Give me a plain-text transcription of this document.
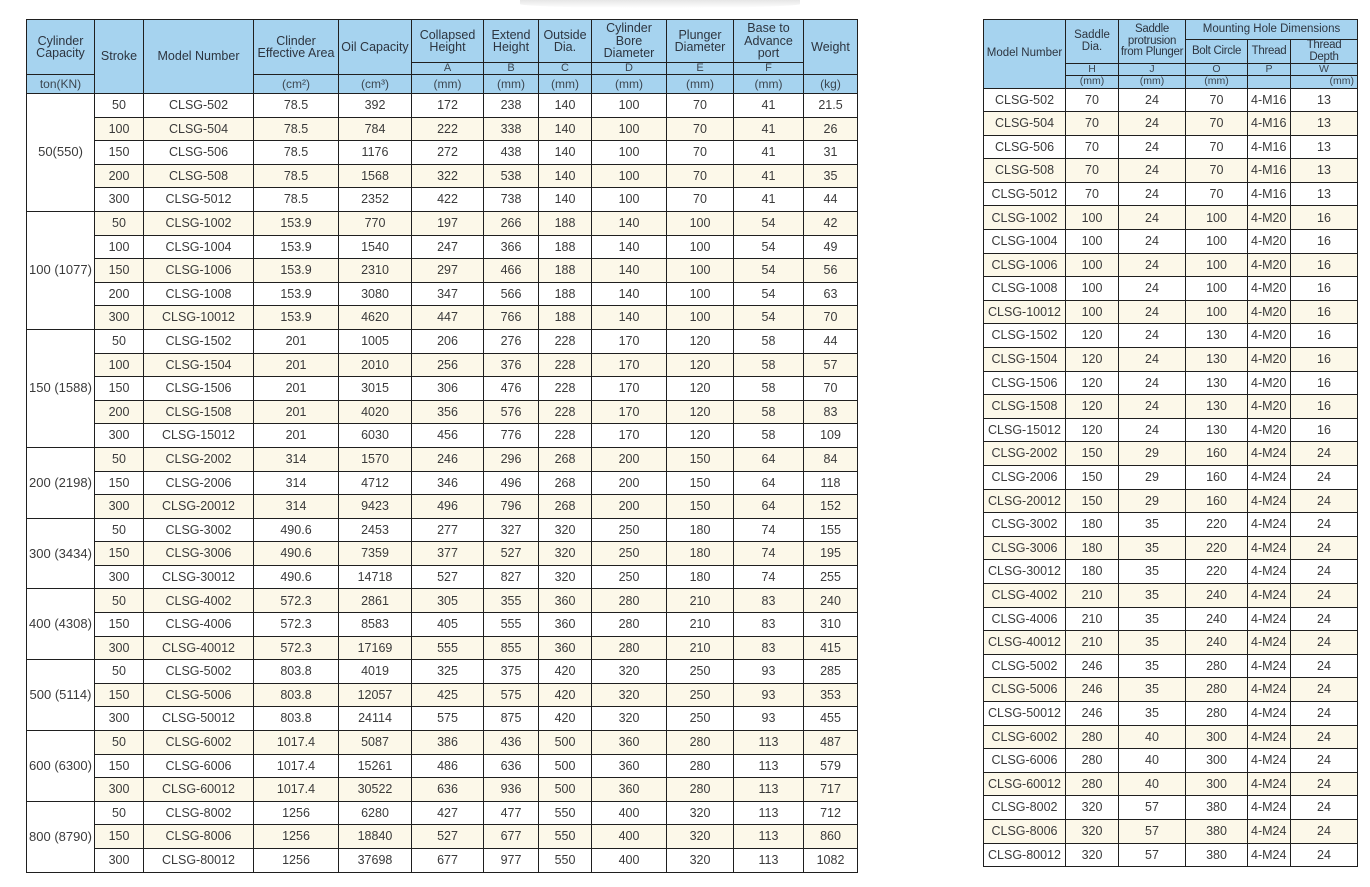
Cylinder Capacity	Stroke	Model Number	Clinder Effective Area	Oil Capacity	Collapsed Height	Extend Height	Outside Dia.	Cylinder Bore Diameter	Plunger Diameter	Base to Advance port	Weight
					A	B	C	D	E	F	
ton(KN)			(cm²)	(cm³)	(mm)	(mm)	(mm)	(mm)	(mm)	(mm)	(kg)
50(550)	50	CLSG-502	78.5	392	172	238	140	100	70	41	21.5
	100	CLSG-504	78.5	784	222	338	140	100	70	41	26
	150	CLSG-506	78.5	1176	272	438	140	100	70	41	31
	200	CLSG-508	78.5	1568	322	538	140	100	70	41	35
	300	CLSG-5012	78.5	2352	422	738	140	100	70	41	44
100 (1077)	50	CLSG-1002	153.9	770	197	266	188	140	100	54	42
	100	CLSG-1004	153.9	1540	247	366	188	140	100	54	49
	150	CLSG-1006	153.9	2310	297	466	188	140	100	54	56
	200	CLSG-1008	153.9	3080	347	566	188	140	100	54	63
	300	CLSG-10012	153.9	4620	447	766	188	140	100	54	70
150 (1588)	50	CLSG-1502	201	1005	206	276	228	170	120	58	44
	100	CLSG-1504	201	2010	256	376	228	170	120	58	57
	150	CLSG-1506	201	3015	306	476	228	170	120	58	70
	200	CLSG-1508	201	4020	356	576	228	170	120	58	83
	300	CLSG-15012	201	6030	456	776	228	170	120	58	109
200 (2198)	50	CLSG-2002	314	1570	246	296	268	200	150	64	84
	150	CLSG-2006	314	4712	346	496	268	200	150	64	118
	300	CLSG-20012	314	9423	496	796	268	200	150	64	152
300 (3434)	50	CLSG-3002	490.6	2453	277	327	320	250	180	74	155
	150	CLSG-3006	490.6	7359	377	527	320	250	180	74	195
	300	CLSG-30012	490.6	14718	527	827	320	250	180	74	255
400 (4308)	50	CLSG-4002	572.3	2861	305	355	360	280	210	83	240
	150	CLSG-4006	572.3	8583	405	555	360	280	210	83	310
	300	CLSG-40012	572.3	17169	555	855	360	280	210	83	415
500 (5114)	50	CLSG-5002	803.8	4019	325	375	420	320	250	93	285
	150	CLSG-5006	803.8	12057	425	575	420	320	250	93	353
	300	CLSG-50012	803.8	24114	575	875	420	320	250	93	455
600 (6300)	50	CLSG-6002	1017.4	5087	386	436	500	360	280	113	487
	150	CLSG-6006	1017.4	15261	486	636	500	360	280	113	579
	300	CLSG-60012	1017.4	30522	636	936	500	360	280	113	717
800 (8790)	50	CLSG-8002	1256	6280	427	477	550	400	320	113	712
	150	CLSG-8006	1256	18840	527	677	550	400	320	113	860
	300	CLSG-80012	1256	37698	677	977	550	400	320	113	1082
Model Number	Saddle Dia.	Saddle protrusion from Plunger	Mounting Hole Dimensions		
			Bolt Circle	Thread	Thread Depth
	H	J	O	P	W
	(mm)	(mm)	(mm)		(mm)
CLSG-502	70	24	70	4-M16	13
CLSG-504	70	24	70	4-M16	13
CLSG-506	70	24	70	4-M16	13
CLSG-508	70	24	70	4-M16	13
CLSG-5012	70	24	70	4-M16	13
CLSG-1002	100	24	100	4-M20	16
CLSG-1004	100	24	100	4-M20	16
CLSG-1006	100	24	100	4-M20	16
CLSG-1008	100	24	100	4-M20	16
CLSG-10012	100	24	100	4-M20	16
CLSG-1502	120	24	130	4-M20	16
CLSG-1504	120	24	130	4-M20	16
CLSG-1506	120	24	130	4-M20	16
CLSG-1508	120	24	130	4-M20	16
CLSG-15012	120	24	130	4-M20	16
CLSG-2002	150	29	160	4-M24	24
CLSG-2006	150	29	160	4-M24	24
CLSG-20012	150	29	160	4-M24	24
CLSG-3002	180	35	220	4-M24	24
CLSG-3006	180	35	220	4-M24	24
CLSG-30012	180	35	220	4-M24	24
CLSG-4002	210	35	240	4-M24	24
CLSG-4006	210	35	240	4-M24	24
CLSG-40012	210	35	240	4-M24	24
CLSG-5002	246	35	280	4-M24	24
CLSG-5006	246	35	280	4-M24	24
CLSG-50012	246	35	280	4-M24	24
CLSG-6002	280	40	300	4-M24	24
CLSG-6006	280	40	300	4-M24	24
CLSG-60012	280	40	300	4-M24	24
CLSG-8002	320	57	380	4-M24	24
CLSG-8006	320	57	380	4-M24	24
CLSG-80012	320	57	380	4-M24	24
